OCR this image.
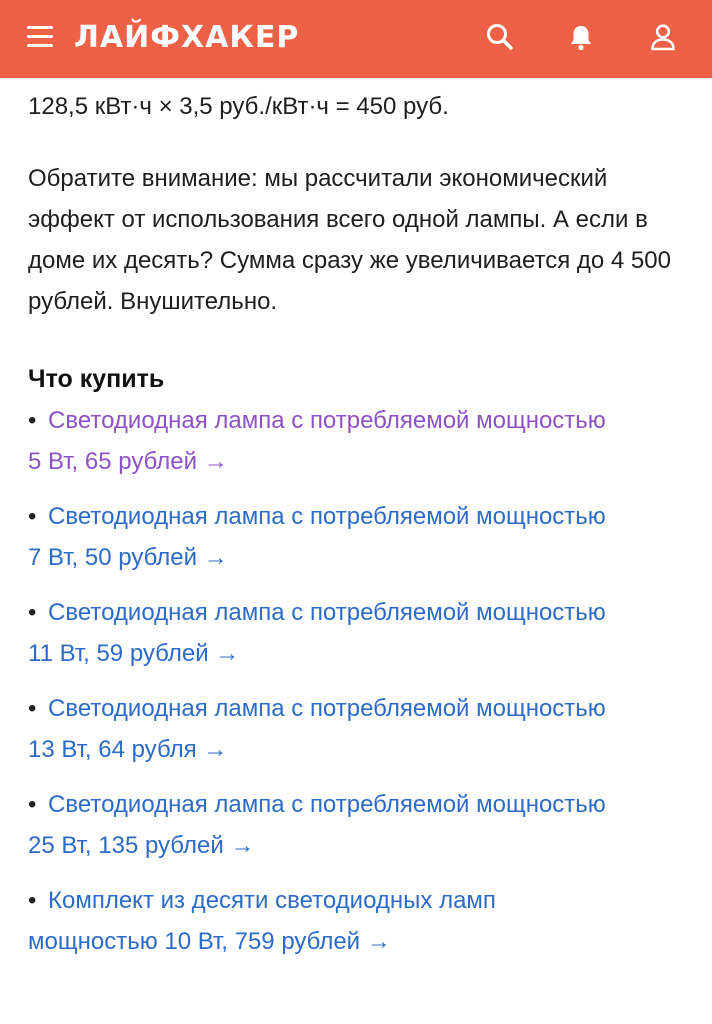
ЛАЙФХАКЕР

128,5 кВт·ч × 3,5 руб./кВт·ч = 450 руб.

Обратите внимание: мы рассчитали экономический эффект от использования всего одной лампы. А если в доме их десять? Сумма сразу же увеличивается до 4 500 рублей. Внушительно.

Что купить
• Светодиодная лампа с потребляемой мощностью
5 Вт, 65 рублей →
• Светодиодная лампа с потребляемой мощностью
7 Вт, 50 рублей →
• Светодиодная лампа с потребляемой мощностью
11 Вт, 59 рублей →
• Светодиодная лампа с потребляемой мощностью
13 Вт, 64 рубля →
• Светодиодная лампа с потребляемой мощностью
25 Вт, 135 рублей →
• Комплект из десяти светодиодных ламп
мощностью 10 Вт, 759 рублей →
